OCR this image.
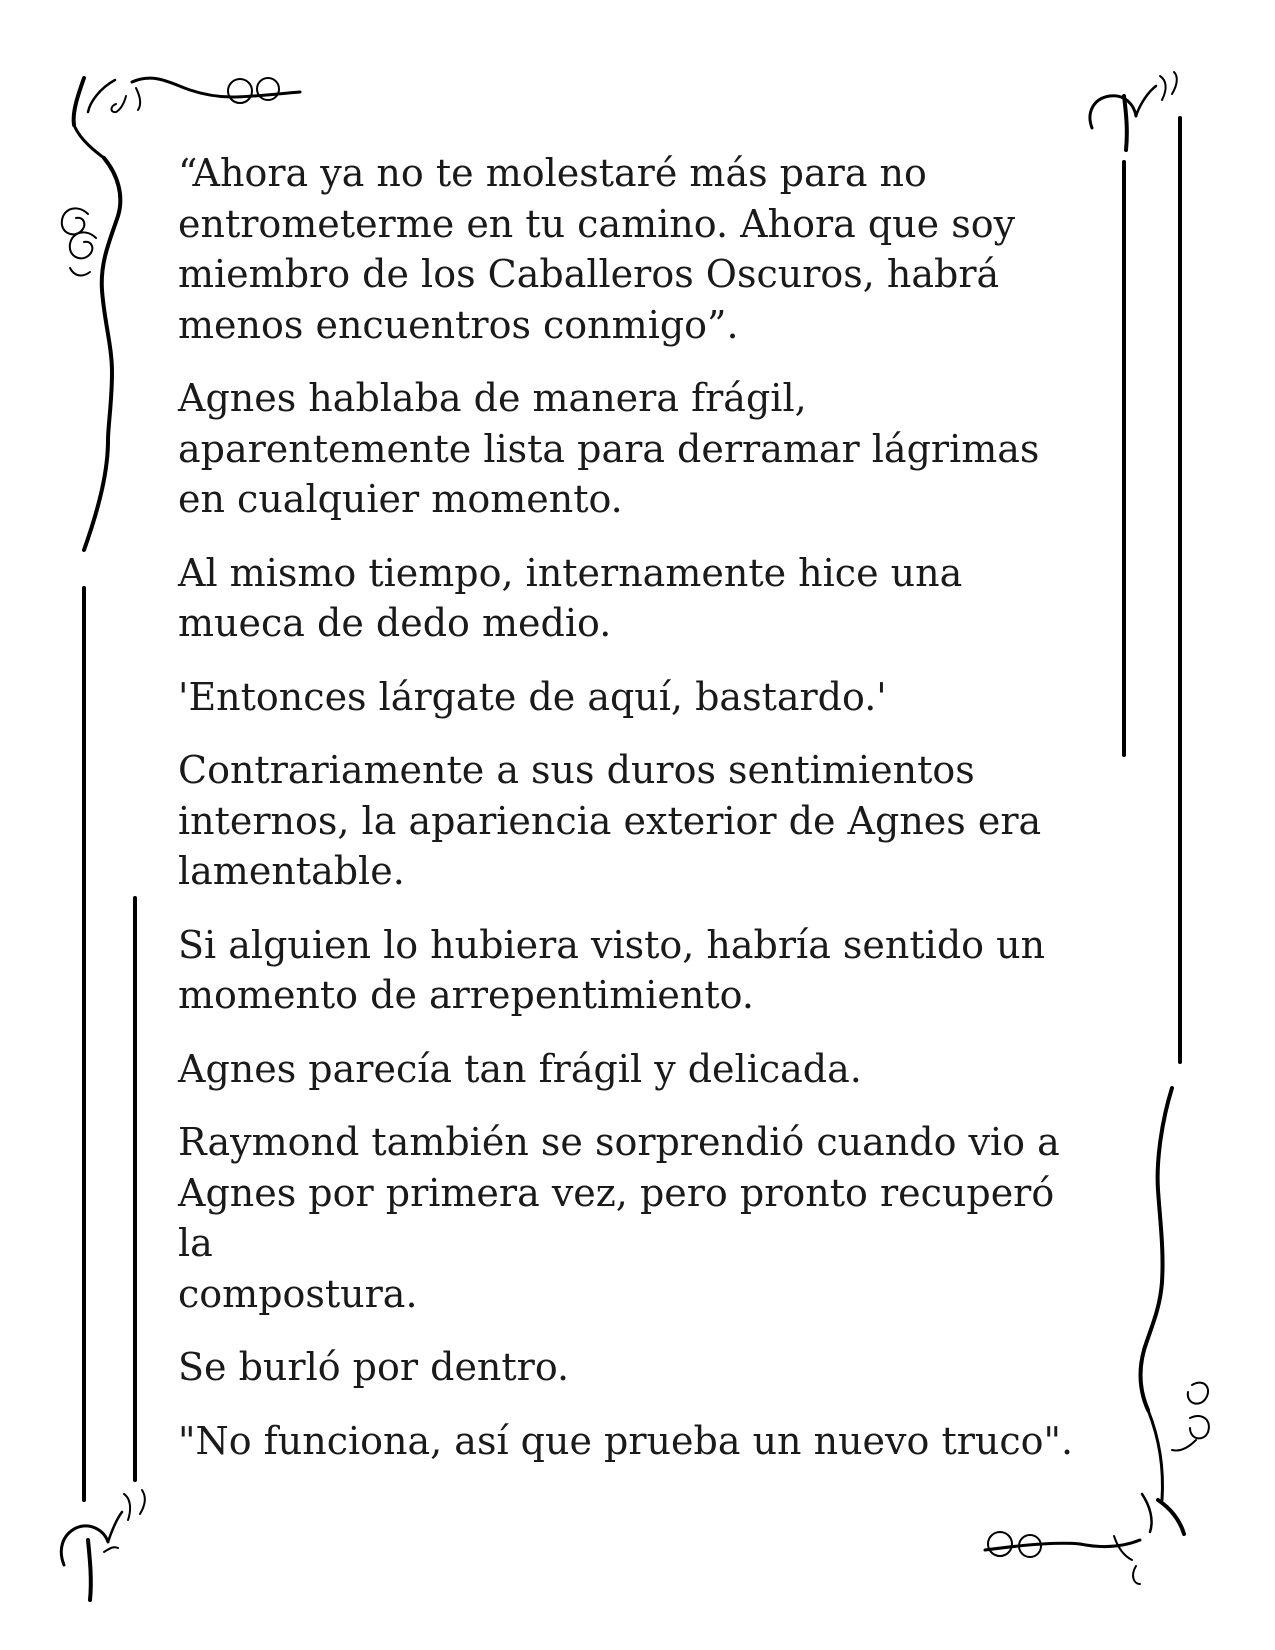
“Ahora ya no te molestaré más para no
entrometerme en tu camino. Ahora que soy
miembro de los Caballeros Oscuros, habrá
menos encuentros conmigo”.

Agnes hablaba de manera frágil,
aparentemente lista para derramar lágrimas
en cualquier momento.

Al mismo tiempo, internamente hice una
mueca de dedo medio.

'Entonces lárgate de aquí, bastardo.'

Contrariamente a sus duros sentimientos
internos, la apariencia exterior de Agnes era
lamentable.

Si alguien lo hubiera visto, habría sentido un
momento de arrepentimiento.

Agnes parecía tan frágil y delicada.

Raymond también se sorprendió cuando vio a
Agnes por primera vez, pero pronto recuperó la
compostura.

Se burló por dentro.

"No funciona, así que prueba un nuevo truco".
